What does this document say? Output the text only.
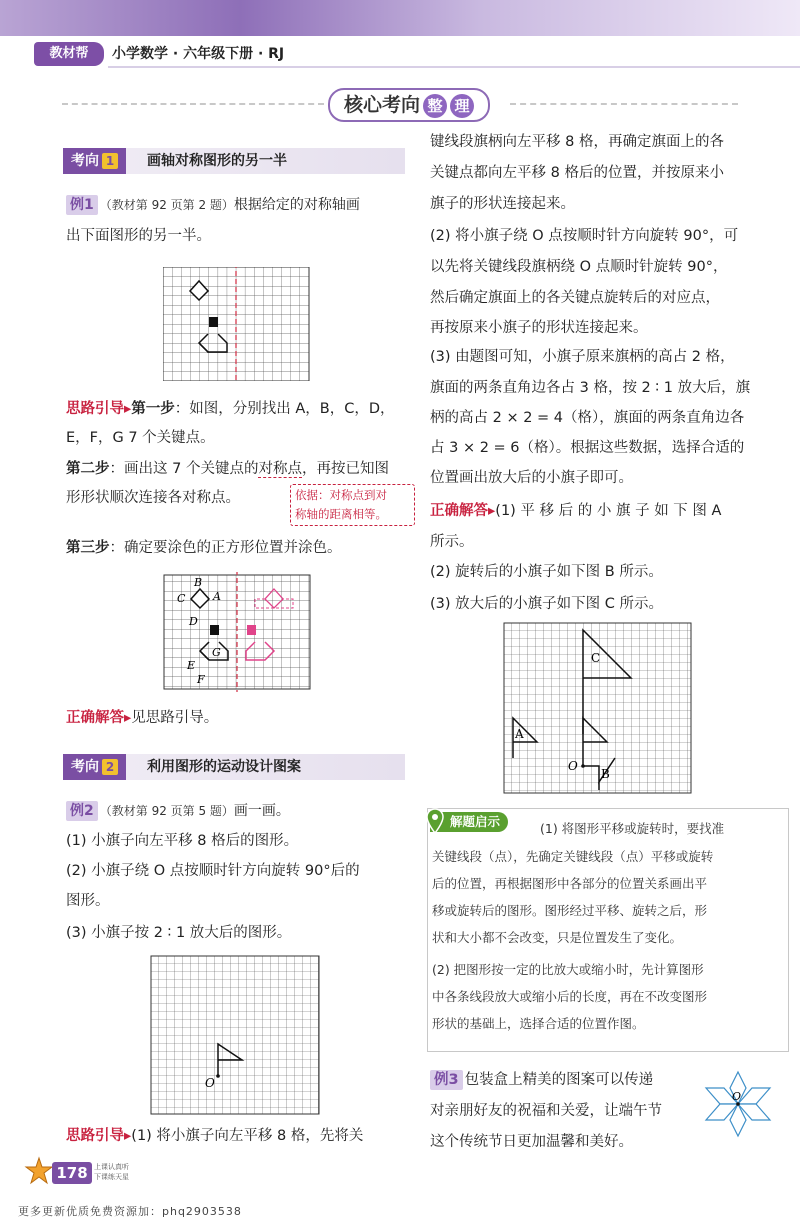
教材帮	小学数学 · 六年级下册 · RJ
核心考向 整 理
考向 1	画轴对称图形的另一半
例1 （教材第 92 页第 2 题）根据给定的对称轴画
出下面图形的另一半。
思路引导▸第一步：如图，分别找出 A，B，C，D，
E，F，G 7 个关键点。
第二步：画出这 7 个关键点的对称点，再按已知图
形形状顺次连接各对称点。	依据：对称点到对
称轴的距离相等。
第三步：确定要涂色的正方形位置并涂色。
B
C	A
D
G
E
F
正确解答▸见思路引导。
考向 2	利用图形的运动设计图案
例2 （教材第 92 页第 5 题）画一画。
(1) 小旗子向左平移 8 格后的图形。
(2) 小旗子绕 O 点按顺时针方向旋转 90°后的
图形。
(3) 小旗子按 2 ∶ 1 放大后的图形。
O
思路引导▸(1) 将小旗子向左平移 8 格，先将关
键线段旗柄向左平移 8 格，再确定旗面上的各
关键点都向左平移 8 格后的位置，并按原来小
旗子的形状连接起来。
(2) 将小旗子绕 O 点按顺时针方向旋转 90°，可
以先将关键线段旗柄绕 O 点顺时针旋转 90°，
然后确定旗面上的各关键点旋转后的对应点，
再按原来小旗子的形状连接起来。
(3) 由题图可知，小旗子原来旗柄的高占 2 格，
旗面的两条直角边各占 3 格，按 2 ∶ 1 放大后，旗
柄的高占 2 × 2 = 4（格），旗面的两条直角边各
占 3 × 2 = 6（格）。根据这些数据，选择合适的
位置画出放大后的小旗子即可。
正确解答▸(1) 平 移 后 的 小 旗 子 如 下 图 A
所示。
(2) 旋转后的小旗子如下图 B 所示。
(3) 放大后的小旗子如下图 C 所示。
C
A
O
B
解题启示	(1) 将图形平移或旋转时，要找准
关键线段（点），先确定关键线段（点）平移或旋转
后的位置，再根据图形中各部分的位置关系画出平
移或旋转后的图形。图形经过平移、旋转之后，形
状和大小都不会改变，只是位置发生了变化。
(2) 把图形按一定的比放大或缩小时，先计算图形
中各条线段放大或缩小后的长度，再在不改变图形
形状的基础上，选择合适的位置作图。
例3 包装盒上精美的图案可以传递
对亲朋好友的祝福和关爱，让端午节
这个传统节日更加温馨和美好。
O
178 上课认真听
下课练天星
更多更新优质免费资源加：phq2903538
